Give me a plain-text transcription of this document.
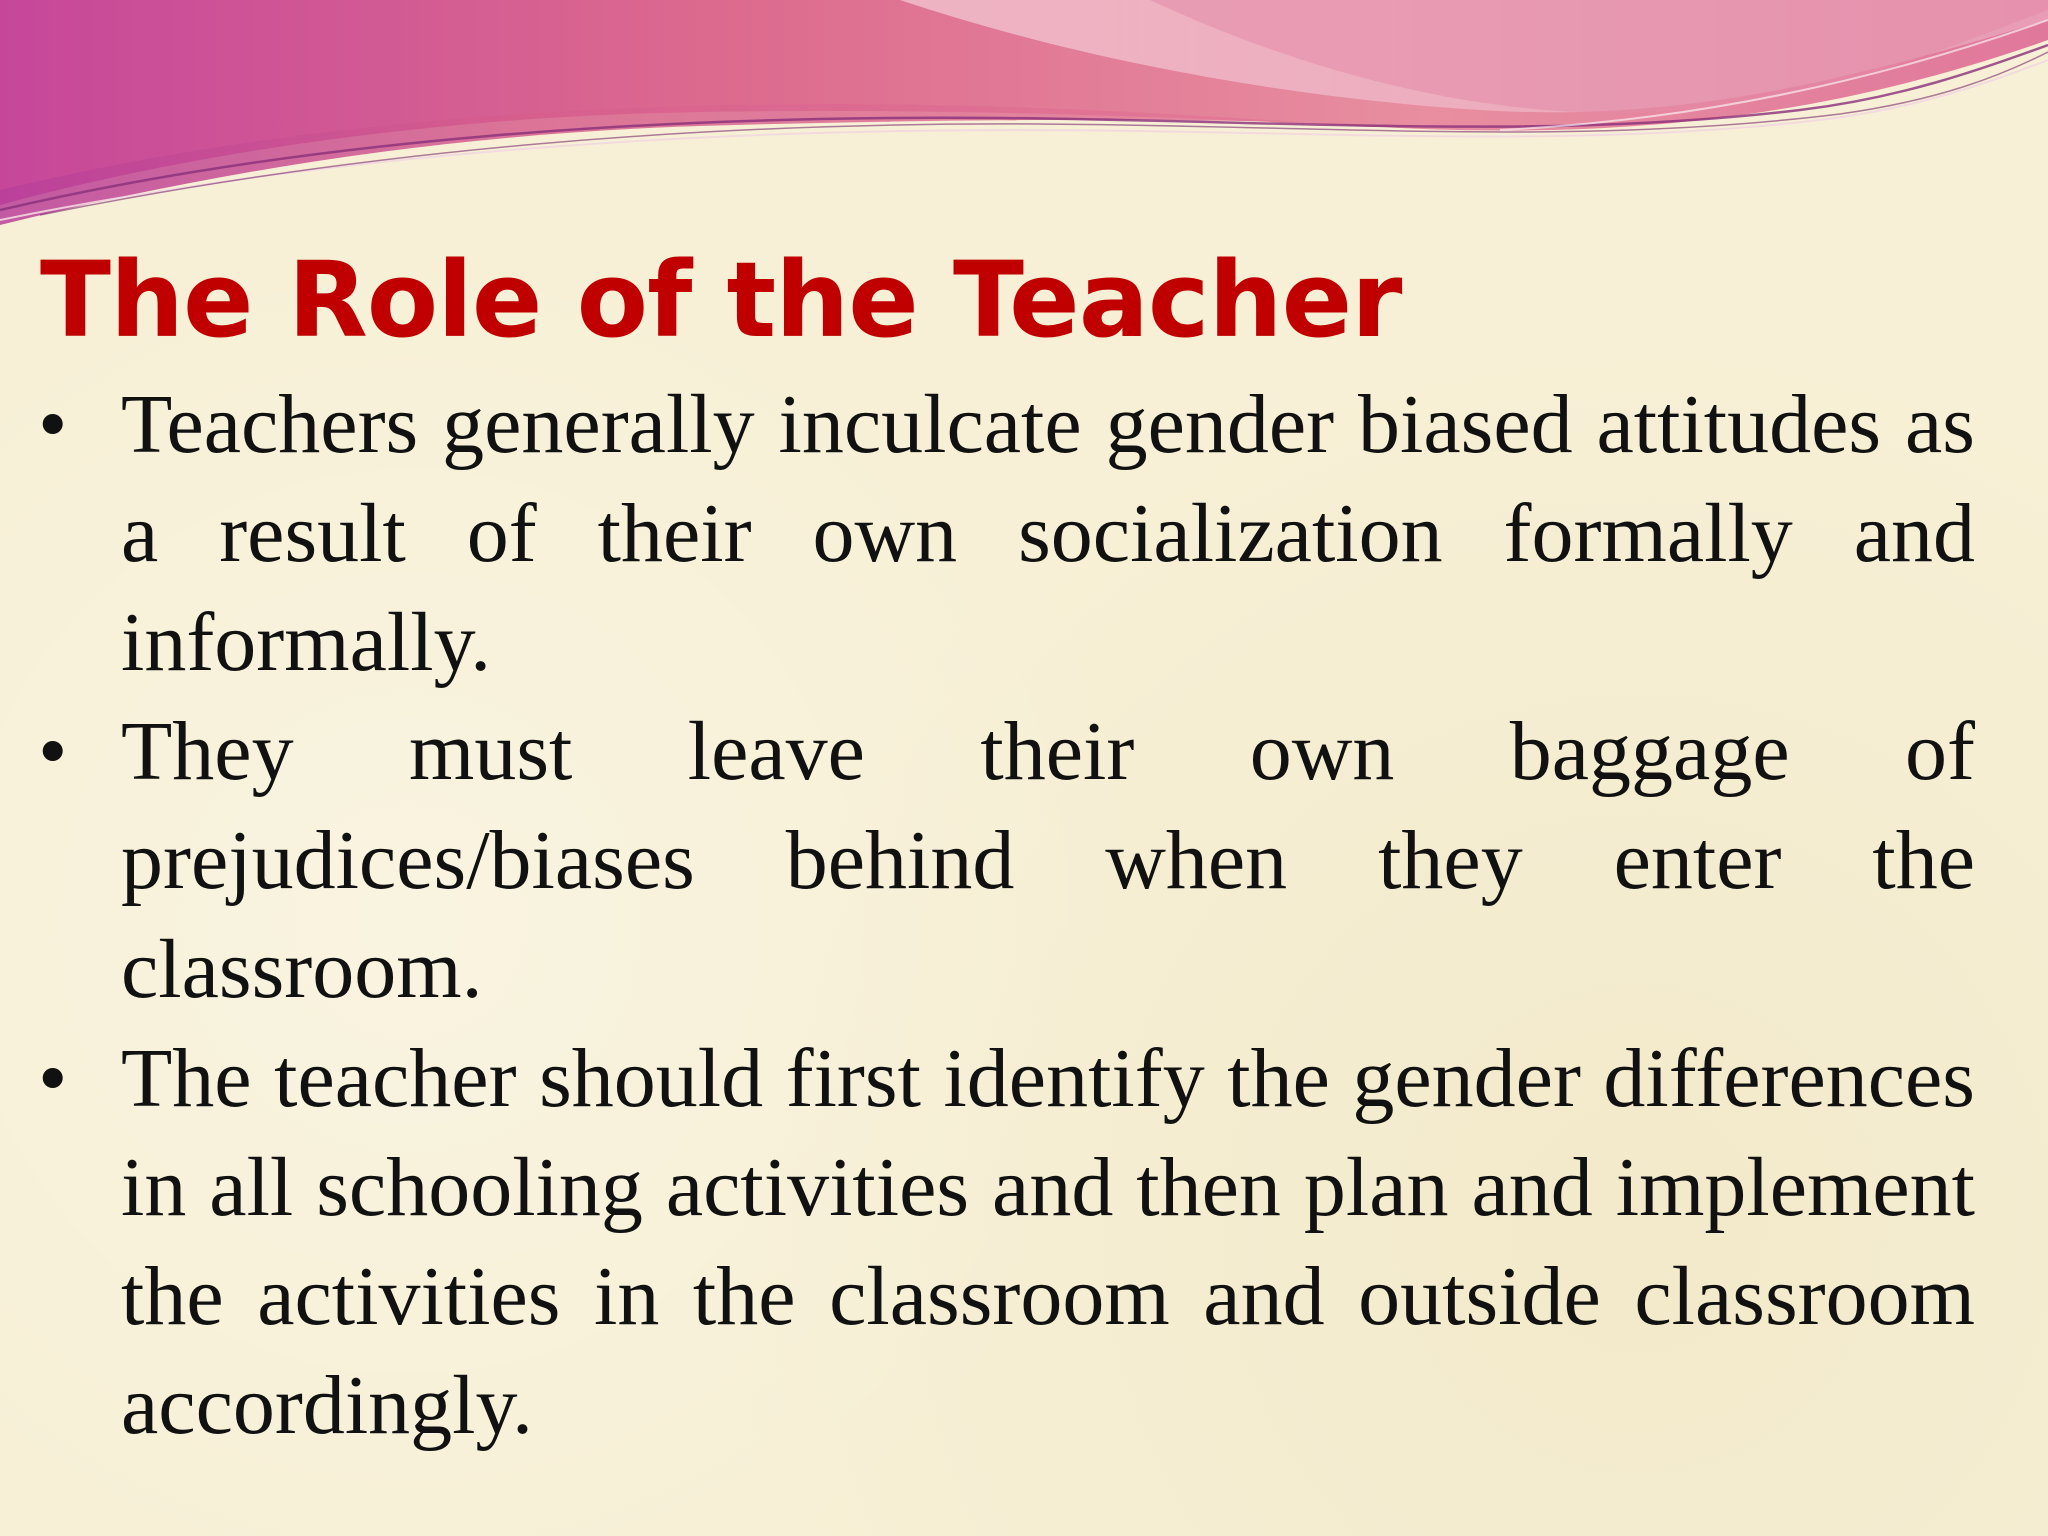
The Role of the Teacher
• Teachers generally inculcate gender biased attitudes as a result of their own socialization formally and informally.
• They must leave their own baggage of prejudices/biases behind when they enter the classroom.
• The teacher should first identify the gender differences in all schooling activities and then plan and implement the activities in the classroom and outside classroom accordingly.
